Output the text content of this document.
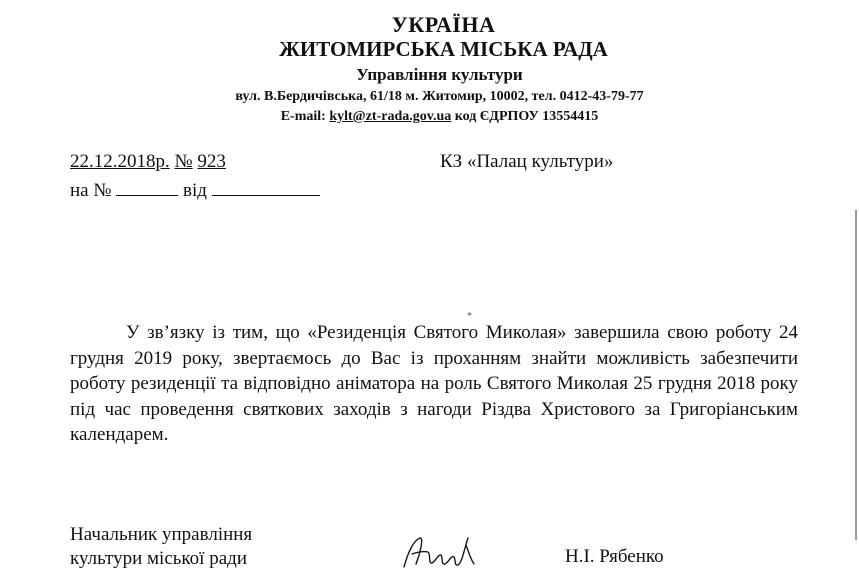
УКРАЇНА
ЖИТОМИРСЬКА МІСЬКА РАДА
Управління культури
вул. В.Бердичівська, 61/18 м. Житомир, 10002, тел. 0412-43-79-77
E-mail: kylt@zt-rada.gov.ua код ЄДРПОУ 13554415
22.12.2018р. № 923	КЗ «Палац культури»
на №	від
*

У зв’язку із тим, що «Резиденція Святого Миколая» завершила свою роботу 24 грудня 2019 року, звертаємось до Вас із проханням знайти можливість забезпечити роботу резиденції та відповідно аніматора на роль Святого Миколая 25 грудня 2018 року під час проведення святкових заходів з нагоди Різдва Христового за Григоріанським календарем.

Начальник управління
культури міської ради	Н.І. Рябенко
